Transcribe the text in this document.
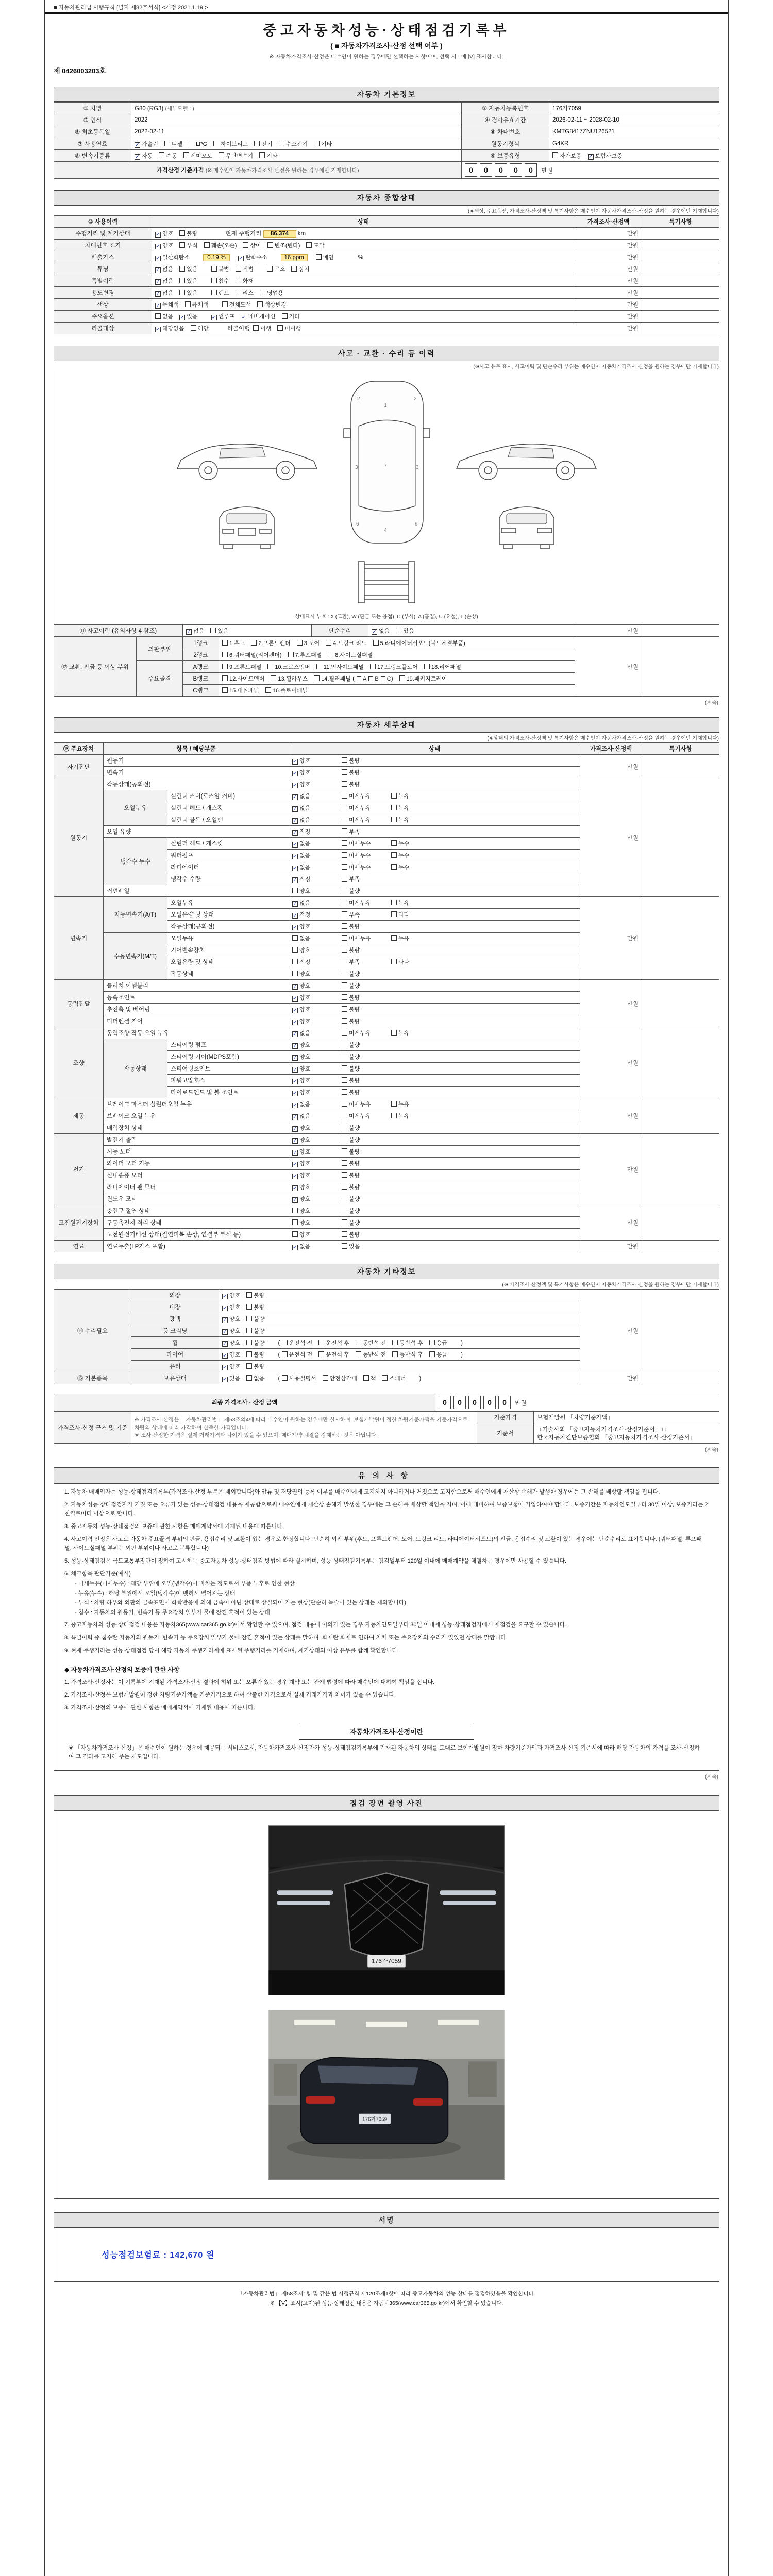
■ 자동차관리법 시행규칙 [별지 제82호서식] <개정 2021.1.19.>
중고자동차성능·상태점검기록부
( ■ 자동차가격조사·산정 선택 여부 )
※ 자동차가격조사·산정은 매수인이 원하는 경우에만 선택하는 사항이며, 선택 시 □에 [V] 표시합니다.
제 0426003203호
자동차 기본정보
① 차명	G80 (RG3) (세부모델 : )	② 자동차등록번호	176가7059
③ 연식	2022	④ 검사유효기간	2026-02-11 ~ 2028-02-10
⑤ 최초등록일	2022-02-11	⑥ 차대번호	KMTG8417ZNU126521
⑦ 사용연료	✓ 가솔린 디젤 LPG 하이브리드 전기 수소전기 기타	원동기형식	G4KR
⑧ 변속기종류	✓ 자동 수동 세미오토 무단변속기 기타	⑨ 보증유형	자가보증 ✓ 보험사보증
가격산정 기준가격 (※ 매수인이 자동차가격조사·산정을 원하는 경우에만 기재합니다)		0 0 0 0 0 만원	
자동차 종합상태
(※색상, 주요옵션, 가격조사·산정액 및 특기사항은 매수인이 자동차가격조사·산정을 원하는 경우에만 기재합니다)
⑩ 사용이력	상태	가격조사·산정액	특기사항
주행거리 및 계기상태	✓ 양호 불량 현재 주행거리 86,374 km	만원	
차대번호 표기	✓ 양호 부식 훼손(오손) 상이 변조(변타) 도말	만원	
배출가스	✓ 일산화탄소 0.19 % ✓ 탄화수소 16 ppm 매연 %	만원	
튜닝	✓ 없음 있음 불법 적법 구조 장치	만원	
특별이력	✓ 없음 있음 침수 화재	만원	
용도변경	✓ 없음 있음 렌트 리스 영업용	만원	
색상	✓ 무채색 유채색 전체도색 색상변경	만원	
주요옵션	없음 ✓ 있음 ✓ 썬루프 ✓ 네비게이션 기타	만원	
리콜대상	✓ 해당없음 해당 리콜이행 이행 미이행	만원	
사고 · 교환 · 수리 등 이력
(※사고 유무 표시, 사고이력 및 단순수리 부위는 매수인이 자동차가격조사·산정을 원하는 경우에만 기재합니다)
1
7
4
2	2
3	3
6	6
상태표시 부호 : X (교환), W (판금 또는 용접), C (부식), A (흠집), U (요철), T (손상)
⑪ 사고이력 (유의사항 4 참조)	✓ 없음 있음	단순수리	✓ 없음 있음	만원	
⑫ 교환, 판금 등 이상 부위	외판부위	1랭크	1.후드 2.프론트펜더 3.도어 4.트렁크 리드 5.라디에이터서포트(볼트체결부품)	만원	
		2랭크	6.쿼터패널(리어펜더) 7.루프패널 8.사이드실패널		
	주요골격	A랭크	9.프론트패널 10.크로스멤버 11.인사이드패널 17.트렁크플로어 18.리어패널		
		B랭크	12.사이드멤버 13.휠하우스 14.필러패널 ( A B C) 19.패키지트레이		
		C랭크	15.대쉬패널 16.플로어패널		
(계속)
자동차 세부상태
(※상태의 가격조사·산정액 및 특기사항은 매수인이 자동차가격조사·산정을 원하는 경우에만 기재합니다)
⑬ 주요장치	항목 / 해당부품		상태	가격조사·산정액	특기사항
자기진단	원동기		✓ 양호 불량	만원	
	변속기		✓ 양호 불량		
원동기	작동상태(공회전)		✓ 양호 불량	만원	
	오일누유	실린더 커버(로커암 커버)	✓ 없음 미세누유 누유		
		실린더 헤드 / 개스킷	✓ 없음 미세누유 누유		
		실린더 블록 / 오일팬	✓ 없음 미세누유 누유		
	오일 유량		✓ 적정 부족		
	냉각수 누수	실린더 헤드 / 개스킷	✓ 없음 미세누수 누수		
		워터펌프	✓ 없음 미세누수 누수		
		라디에이터	✓ 없음 미세누수 누수		
		냉각수 수량	✓ 적정 부족		
	커먼레일		양호 불량		
변속기	자동변속기(A/T)	오일누유	✓ 없음 미세누유 누유	만원	
		오일유량 및 상태	✓ 적정 부족 과다		
		작동상태(공회전)	✓ 양호 불량		
	수동변속기(M/T)	오일누유	없음 미세누유 누유		
		기어변속장치	양호 불량		
		오일유량 및 상태	적정 부족 과다		
		작동상태	양호 불량		
동력전달	클러치 어셈블리		✓ 양호 불량	만원	
	등속조인트		✓ 양호 불량		
	추진축 및 베어링		✓ 양호 불량		
	디퍼렌셜 기어		✓ 양호 불량		
조향	동력조향 작동 오일 누유		✓ 없음 미세누유 누유	만원	
	작동상태	스티어링 펌프	✓ 양호 불량		
		스티어링 기어(MDPS포함)	✓ 양호 불량		
		스티어링조인트	✓ 양호 불량		
		파워고압호스	✓ 양호 불량		
		타이로드엔드 및 볼 조인트	✓ 양호 불량		
제동	브레이크 마스터 실린더오일 누유		✓ 없음 미세누유 누유	만원	
	브레이크 오일 누유		✓ 없음 미세누유 누유		
	배력장치 상태		✓ 양호 불량		
전기	발전기 출력		✓ 양호 불량	만원	
	시동 모터		✓ 양호 불량		
	와이퍼 모터 기능		✓ 양호 불량		
	실내송풍 모터		✓ 양호 불량		
	라디에이터 팬 모터		✓ 양호 불량		
	윈도우 모터		✓ 양호 불량		
고전원전기장치	충전구 절연 상태		양호 불량	만원	
	구동축전지 격리 상태		양호 불량		
	고전원전기배선 상태(절연피복 손상, 연결부 부식 등)		양호 불량		
연료	연료누출(LP가스 포함)		✓ 없음 있음	만원	
자동차 기타정보
(※ 가격조사·산정액 및 특기사항은 매수인이 자동차가격조사·산정을 원하는 경우에만 기재합니다)
⑭ 수리필요	외장	✓ 양호 불량	만원	
	내장	✓ 양호 불량		
	광택	✓ 양호 불량		
	룸 크리닝	✓ 양호 불량		
	휠	✓ 양호 불량 ( 운전석 전 운전석 후 동반석 전 동반석 후 응급 )		
	타이어	✓ 양호 불량 ( 운전석 전 운전석 후 동반석 전 동반석 후 응급 )		
	유리	✓ 양호 불량		
⑮ 기본품목	보유상태	✓ 있음 없음 ( 사용설명서 안전삼각대 잭 스패너 )	만원	
최종 가격조사 · 산정 금액	0 0 0 0 0 만원
가격조사·산정 근거 및 기준	※ 가격조사·산정은 「자동차관리법」 제58조의4에 따라 매수인이 원하는 경우에만 실시하며, 보험개발원이 정한 차량기준가액을 기준가격으로 차량의 상태에 따라 가감하여 산출한 가격입니다.
※ 조사·산정한 가격은 실제 거래가격과 차이가 있을 수 있으며, 매매계약 체결을 강제하는 것은 아닙니다.	기준가격	보험개발원 「차량기준가액」
		기준서	□ 기술사회 「중고자동차가격조사·산정기준서」 □ 한국자동차진단보증협회 「중고자동차가격조사·산정기준서」
(계속)
유의사항
1. 자동차 매매업자는 성능·상태점검기록부(가격조사·산정 부분은 제외합니다)와 압류 및 저당권의 등록 여부를 매수인에게 고지하지 아니하거나 거짓으로 고지함으로써 매수인에게 재산상 손해가 발생한 경우에는 그 손해를 배상할 책임을 집니다.
2. 자동차성능·상태점검자가 거짓 또는 오류가 있는 성능·상태점검 내용을 제공함으로써 매수인에게 재산상 손해가 발생한 경우에는 그 손해를 배상할 책임을 지며, 이에 대비하여 보증보험에 가입하여야 합니다. 보증기간은 자동차인도일부터 30일 이상, 보증거리는 2천킬로미터 이상으로 합니다.
3. 중고자동차 성능·상태점검의 보증에 관한 사항은 매매계약서에 기재된 내용에 따릅니다.
4. 사고이력 인정은 사고로 자동차 주요골격 부위의 판금, 용접수리 및 교환이 있는 경우로 한정합니다. 단순히 외판 부위(후드, 프론트펜더, 도어, 트렁크 리드, 라디에이터서포트)의 판금, 용접수리 및 교환이 있는 경우에는 단순수리로 표기합니다. (쿼터패널, 루프패널, 사이드실패널 부위는 외판 부위이나 사고로 분류합니다)
5. 성능·상태점검은 국토교통부장관이 정하여 고시하는 중고자동차 성능·상태점검 방법에 따라 실시하며, 성능·상태점검기록부는 점검일부터 120일 이내에 매매계약을 체결하는 경우에만 사용할 수 있습니다.
6. 체크항목 판단기준(예시)
- 미세누유(미세누수) : 해당 부위에 오일(냉각수)이 비치는 정도로서 부품 노후로 인한 현상
- 누유(누수) : 해당 부위에서 오일(냉각수)이 맺혀서 떨어지는 상태
- 부식 : 차량 하부와 외판의 금속표면이 화학반응에 의해 금속이 아닌 상태로 상실되어 가는 현상(단순히 녹슬어 있는 상태는 제외합니다)
- 침수 : 자동차의 원동기, 변속기 등 주요장치 일부가 물에 잠긴 흔적이 있는 상태
7. 중고자동차의 성능·상태점검 내용은 자동차365(www.car365.go.kr)에서 확인할 수 있으며, 점검 내용에 이의가 있는 경우 자동차인도일부터 30일 이내에 성능·상태점검자에게 재점검을 요구할 수 있습니다.
8. 특별이력 중 침수란 자동차의 원동기, 변속기 등 주요장치 일부가 물에 잠긴 흔적이 있는 상태를 말하며, 화재란 화재로 인하여 차체 또는 주요장치의 수리가 있었던 상태를 말합니다.
9. 현재 주행거리는 성능·상태점검 당시 해당 자동차 주행거리계에 표시된 주행거리를 기재하며, 계기상태의 이상 유무를 함께 확인합니다.
◆ 자동차가격조사·산정의 보증에 관한 사항
1. 가격조사·산정자는 이 기록부에 기재된 가격조사·산정 결과에 허위 또는 오류가 있는 경우 계약 또는 관계 법령에 따라 매수인에 대하여 책임을 집니다.
2. 가격조사·산정은 보험개발원이 정한 차량기준가액을 기준가격으로 하여 산출한 가격으로서 실제 거래가격과 차이가 있을 수 있습니다.
3. 가격조사·산정의 보증에 관한 사항은 매매계약서에 기재된 내용에 따릅니다.
자동차가격조사·산정이란
※ 「자동차가격조사·산정」은 매수인이 원하는 경우에 제공되는 서비스로서, 자동차가격조사·산정자가 성능·상태점검기록부에 기재된 자동차의 상태를 토대로 보험개발원이 정한 차량기준가액과 가격조사·산정 기준서에 따라 해당 자동차의 가격을 조사·산정하여 그 결과를 고지해 주는 제도입니다.
(계속)
점검 장면 촬영 사진
176가7059
176가7059
서명
성능점검보험료 : 142,670 원
「자동차관리법」 제58조제1항 및 같은 법 시행규칙 제120조제1항에 따라 중고자동차의 성능·상태를 점검하였음을 확인합니다.
※ 【V】표시(고지)된 성능·상태점검 내용은 자동차365(www.car365.go.kr)에서 확인할 수 있습니다.
